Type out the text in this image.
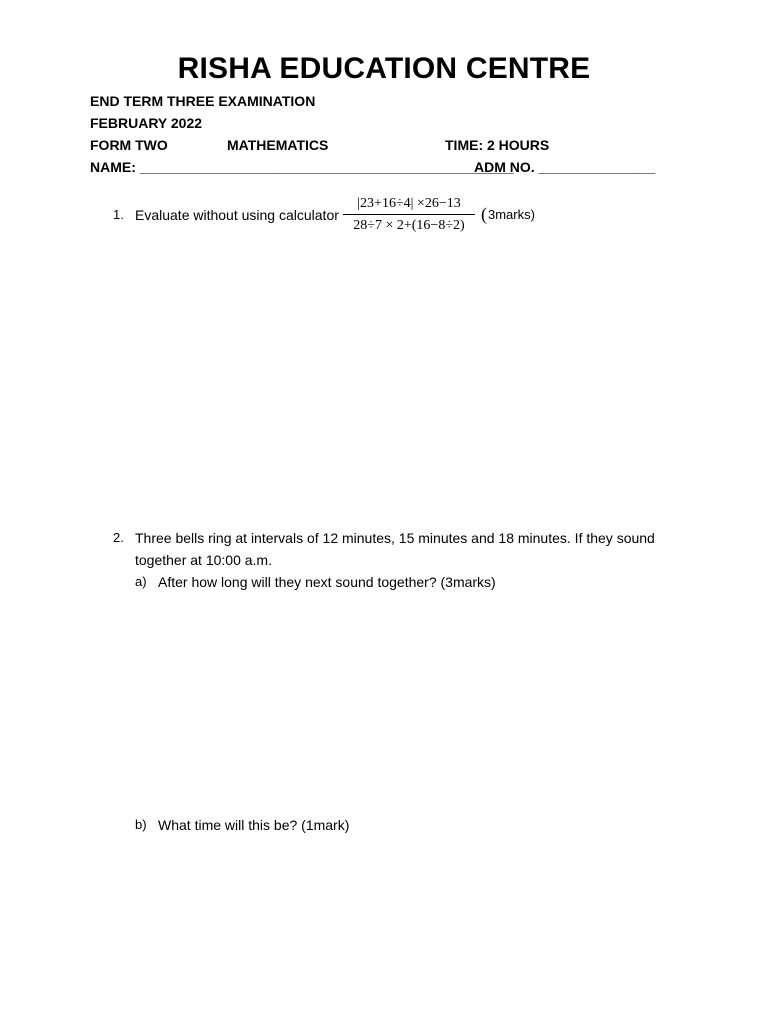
RISHA EDUCATION CENTRE
END TERM THREE EXAMINATION
FEBRUARY 2022
FORM TWO	MATHEMATICS	TIME: 2 HOURS
NAME: ________________________________________________
ADM NO. _______________
1. Evaluate without using calculator $\frac{|23+16\div 4| \times 26-13}{28\div 7 \times 2+(16-8\div 2)}$ ( 3marks)
2. Three bells ring at intervals of 12 minutes, 15 minutes and 18 minutes. If they sound
together at 10:00 a.m.
a) After how long will they next sound together? (3marks)
b) What time will this be? (1mark)
